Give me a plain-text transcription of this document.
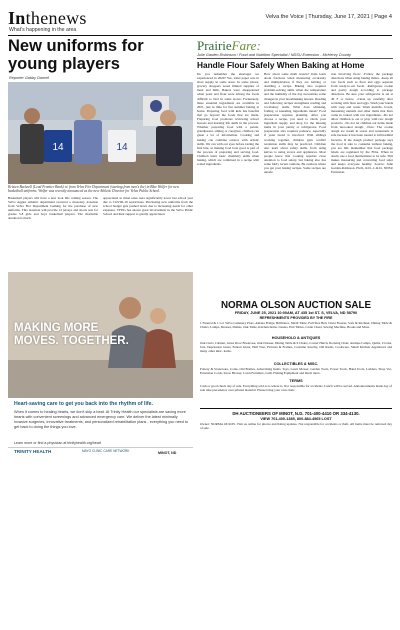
Inthenews
What's happening in the area
Velva the Voice | Thursday, June 17, 2021 | Page 4
New uniforms for young players
Reporter Gabby Darnell
14	14
Kristen Bucknell (Lead Frontier Bank) w/ from Velva Fire Department (starting from men's the) in Blue Wolfer for new basketball uniforms. Wolfer was recently announced as the new Athletic Director for Velva Public School.
Basketball players will have a new look this coming season. The Velva Aggies Athletic department received a monetary donation from Velva Fire Department Gaming for the purchase of new uniforms. This donation will provide 12 jerseys and shorts sets for grades 5-8 girls and boys basketball players. The charitable donation is much
appreciated as ticket sales were significantly lower last school year due to COVID-19 restrictions. Purchasing new uniforms from the school budget gets pushed down due to increasing needs for other expenses. VFDG has shown great involvement in the Velva Public School and their support is greatly appreciated.
PrairieFare:
Julie Garden-Robinson / Food and Nutrition Specialist / NDSU Extension - McHenry County
Handle Flour Safely When Baking at Home
Do you remember the shortages we experienced in 2020? Yes, toilet paper was in short supply in some areas. In some places, grocery shoppers noted limited supplies of meat and milk. Bakers were disappointed when yeast and flour were among the foods difficult to find in some stores. Fortunately, these essential ingredients are available in 2021, just in time for fun summer baking at home. Preparing food with kids has benefits that go beyond the foods that are made. Preparing food promotes reviewing school lessons and learning life skills in the process. Whether preparing food with a parent, grandparent, sibling or caregiver, children can glean a lot of information. Cooking and baking can combine science with artistic skills. We can with our eyes before tasting the first bite, so making food look good is part of the process of preparing and serving food. Children learn basic chemistry skills when baking, which are combined in a recipe with scaled ingredients.
How about some math review? Kids learn about fractions when measuring accurately and multiplication if they are halving or doubling a recipe. Baking also requires problem-solving skills when the temperature and the humidity of the day necessitate some changes in your breadmaking lessons. Reading and following recipes strengthens reading and vocabulary skills. What does whisking, folding or kneading ingredients mean? Food preparation requires planning. After you choose a recipe, you need to check your ingredient supply and shop for the missing items in your pantry or refrigerator. Food preparation also requires patience, especially if yeast bread is involved. With siblings working together, children gain conflict resolution skills may be practiced. Children also learn about safety skills, from using knives to using stoves and appliances. Most people know that cooking requires close attention to food safety, but baking also has some fairly recent cautions. Be cautious where you get your baking recipes. Some recipes are unsafe.
tion involving flour: -Follow the package directions when using baking mixes. -Keep all raw foods such as flour and eggs separate from ready-to-eat foods. -Refrigerate cookie and pastry dough according to package directions. Be sure your refrigerator is set at 40 F or below. -Clean up carefully after working with flour and eggs. Wash your hands with soap and water. Wash utensils, bowls, measuring utensils and other items that have come in contact with raw ingredients. -Do not allow children to eat or play with raw dough products. -Do not let children eat items made from uncooked dough. -Note: The cookie dough ice cream in stores and restaurants is safe because it has been treated to kill harmful bacteria. If the dough product package says the food is safe to consume without baking, you are OK. Remember that food package labels are regulated by the FDA. When in doubt, use a food thermometer to be safe. This makes measuring and converting food safer and keeps everyone healthy. Source: Julie Garden-Robinson, Ph.D., R.D., L.R.D., NDSU Extension.
MAKING MORE MOVES. TOGETHER.
Heart-saving care to get you back into the rhythm of life.
When it comes to healing hearts, we don't skip a beat. At Trinity Health our specialists are saving more hearts with convenient screenings and advanced emergency care. We deliver the latest minimally invasive surgeries, innovative treatments, and personalized rehabilitation plans - everything you need to get back to doing the things you love.
Learn more or find a physician at trinityhealth.org/heart
TRINITY HEALTH	MAYO CLINIC CARE NETWORK	MINOT, ND
NORMA OLSON AUCTION SALE
FRIDAY, JUNE 25, 2021 10:00AM, AT 435 1st ST. S, VELVA, ND 58790
REFRESHMENTS PROVIDED BY THE FIRE
1 Funeral & 1 Lot Velva Cemetery Plots, Amana Fridge, Brilliance, Small Table, Full Size Bed, Chest Freezer, Sofa & Recliner, Dining Table & Chairs, Lamps, Dresser, Dishes, Oak Table, Kitchen Items, Linens, End Tables, Cedar Chest, Sewing Machine, Books and More.
HOUSEHOLD & ANTIQUES
Oak Curio Cabinet, Glass Door Bookcase, Oak Dresser, Dining Table & 6 Chairs, Corner Hutch, Rocking Chair, Antique Lamps, Quilts, Crocks, Jars, Depression Glass, Fenton Glass, Hall Tree, Pictures & Frames, Costume Jewelry, Old Radio, Cookware, Small Kitchen Appliances and many other misc. items.
COLLECTIBLES & MISC.
Pottery & Stoneware, Coins, Old Bottles, Advertising Items, Toys, Lawn Mower, Garden Tools, Power Tools, Hand Tools, Ladders, Shop Vac, Extension Cords, Snow Blower, Lawn Furniture, Grill, Fishing Equipment and much more.
TERMS
Cash or good check day of sale. Everything sold as is where is. Not responsible for accidents. Lunch will be served. Announcements made day of sale take precedence over printed material. Please bring your own chair.
DH AUCTIONEERS OF MINOT, N.D. 701-400-4410 OR 334-4130.
VIEW 701-400-1385, 800-884-4965 LOST
Owner: NORMA OLSON. Visit us online for photos and listing updates. Not responsible for accidents or theft. All items must be removed day of sale.
